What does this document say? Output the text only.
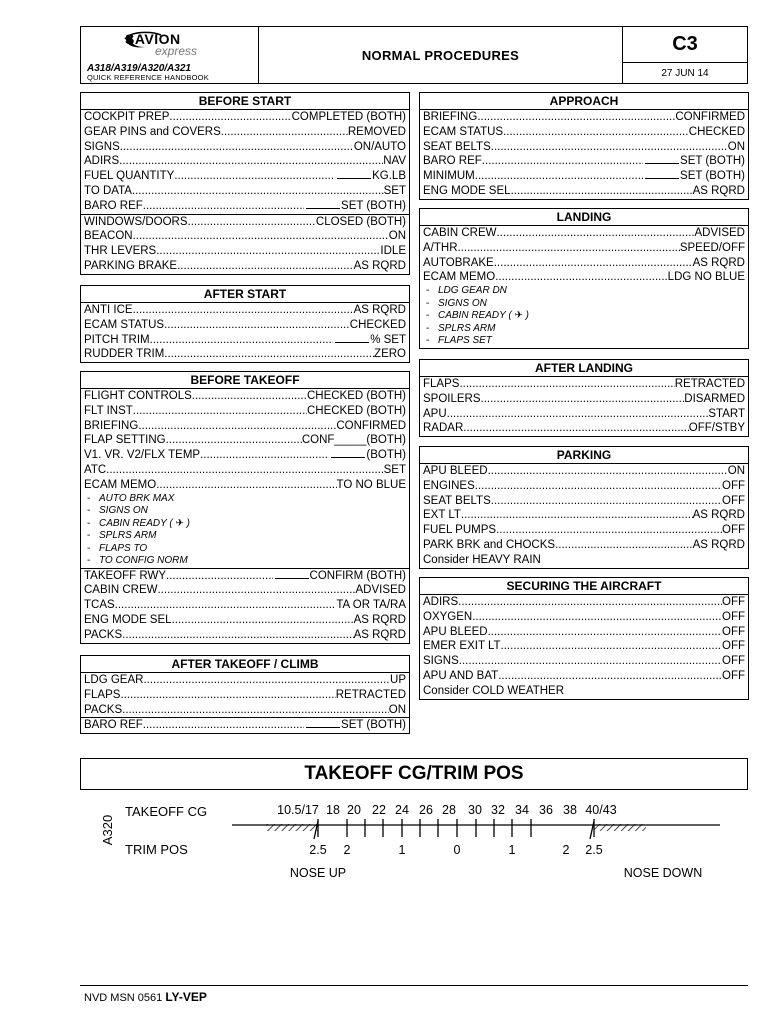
SAVION
express
A318/A319/A320/A321
QUICK REFERENCE HANDBOOK
NORMAL PROCEDURES	C3
27 JUN 14
BEFORE START
COCKPIT PREP .....	COMPLETED (BOTH)
GEAR PINS and COVERS .....	REMOVED
SIGNS .....	ON/AUTO
ADIRS .....	NAV
FUEL QUANTITY .....	KG.LB
TO DATA .....	SET
BARO REF .....	SET (BOTH)
WINDOWS/DOORS .....	CLOSED (BOTH)
BEACON .....	ON
THR LEVERS .....	IDLE
PARKING BRAKE .....	AS RQRD
AFTER START
ANTI ICE .....	AS RQRD
ECAM STATUS .....	CHECKED
PITCH TRIM .....	% SET
RUDDER TRIM .....	ZERO
BEFORE TAKEOFF
FLIGHT CONTROLS .....	CHECKED (BOTH)
FLT INST .....	CHECKED (BOTH)
BRIEFING .....	CONFIRMED
FLAP SETTING .....	CONF_____(BOTH)
V1. VR. V2/FLX TEMP .....	(BOTH)
ATC .....	SET
ECAM MEMO .....	TO NO BLUE
- AUTO BRK MAX
- SIGNS ON
- CABIN READY ( ✈ )
- SPLRS ARM
- FLAPS TO
- TO CONFIG NORM
TAKEOFF RWY .....	CONFIRM (BOTH)
CABIN CREW .....	ADVISED
TCAS .....	TA OR TA/RA
ENG MODE SEL .....	AS RQRD
PACKS .....	AS RQRD
AFTER TAKEOFF / CLIMB
LDG GEAR .....	UP
FLAPS .....	RETRACTED
PACKS .....	ON
BARO REF .....	SET (BOTH)
APPROACH
BRIEFING .....	CONFIRMED
ECAM STATUS .....	CHECKED
SEAT BELTS .....	ON
BARO REF .....	SET (BOTH)
MINIMUM .....	SET (BOTH)
ENG MODE SEL .....	AS RQRD
LANDING
CABIN CREW .....	ADVISED
A/THR .....	SPEED/OFF
AUTOBRAKE .....	AS RQRD
ECAM MEMO .....	LDG NO BLUE
- LDG GEAR DN
- SIGNS ON
- CABIN READY ( ✈ )
- SPLRS ARM
- FLAPS SET
AFTER LANDING
FLAPS .....	RETRACTED
SPOILERS .....	DISARMED
APU .....	START
RADAR .....	OFF/STBY
PARKING
APU BLEED .....	ON
ENGINES .....	OFF
SEAT BELTS .....	OFF
EXT LT .....	AS RQRD
FUEL PUMPS .....	OFF
PARK BRK and CHOCKS .....	AS RQRD
Consider HEAVY RAIN
SECURING THE AIRCRAFT
ADIRS .....	OFF
OXYGEN .....	OFF
APU BLEED .....	OFF
EMER EXIT LT .....	OFF
SIGNS .....	OFF
APU AND BAT .....	OFF
Consider COLD WEATHER
TAKEOFF CG/TRIM POS
A320
TAKEOFF CG
TRIM POS
10.5/17 18 20 22 24 26 28 30 32 34 36 38 40/43
2.5 2	1	0	1	2 2.5
NOSE UP	NOSE DOWN
NVD MSN 0561 LY-VEP
